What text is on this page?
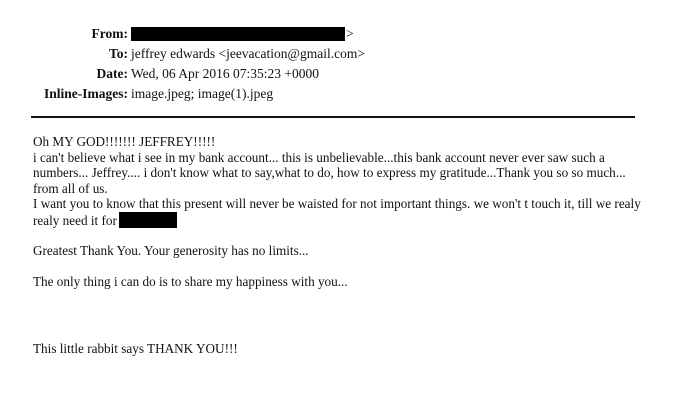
From:	>
To: jeffrey edwards <jeevacation@gmail.com>
Date: Wed, 06 Apr 2016 07:35:23 +0000
Inline-Images: image.jpeg; image(1).jpeg

Oh MY GOD!!!!!!! JEFFREY!!!!!

i can't believe what i see in my bank account... this is unbelievable...this bank account never ever saw such a numbers... Jeffrey.... i don't know what to say,what to do, how to express my gratitude...Thank you so so much... from all of us.

I want you to know that this present will never be waisted for not important things. we won't t touch it, till we realy realy need it for

Greatest Thank You. Your generosity has no limits...

The only thing i can do is to share my happiness with you...

This little rabbit says THANK YOU!!!
